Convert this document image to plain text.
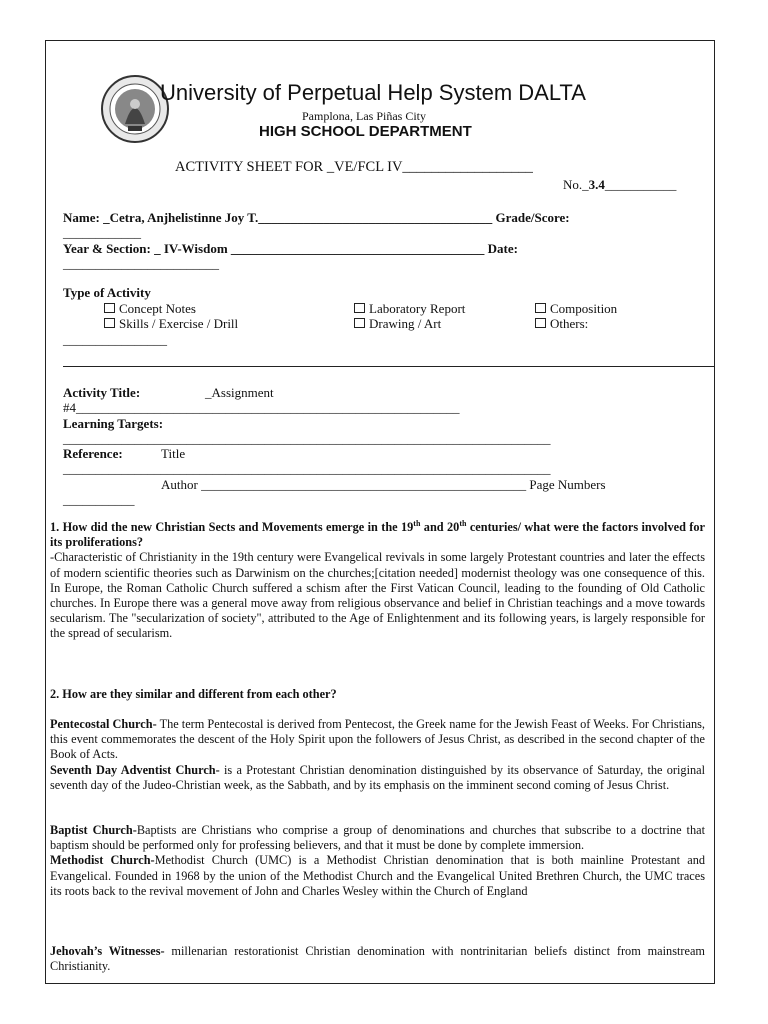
University of Perpetual Help System DALTA
Pamplona, Las Piñas City
HIGH SCHOOL DEPARTMENT
ACTIVITY SHEET FOR _VE/FCL IV__________________
No._3.4___________
Name: _Cetra, Anjhelistinne Joy T.____________________________________ Grade/Score:
____________
Year & Section: _ IV-Wisdom _______________________________________ Date:
________________________
Type of Activity
Concept Notes	Laboratory Report	Composition
Skills / Exercise / Drill	Drawing / Art	Others:
________________
Activity Title:	_Assignment
#4___________________________________________________________
Learning Targets:
___________________________________________________________________________
Reference:	Title
___________________________________________________________________________
Author __________________________________________________ Page Numbers
___________
1. How did the new Christian Sects and Movements emerge in the 19th and 20th centuries/ what were the factors involved for its proliferations?
-Characteristic of Christianity in the 19th century were Evangelical revivals in some largely Protestant countries and later the effects of modern scientific theories such as Darwinism on the churches;[citation needed] modernist theology was one consequence of this. In Europe, the Roman Catholic Church suffered a schism after the First Vatican Council, leading to the founding of Old Catholic churches. In Europe there was a general move away from religious observance and belief in Christian teachings and a move towards secularism. The "secularization of society", attributed to the Age of Enlightenment and its following years, is largely responsible for the spread of secularism.
2. How are they similar and different from each other?
Pentecostal Church- The term Pentecostal is derived from Pentecost, the Greek name for the Jewish Feast of Weeks. For Christians, this event commemorates the descent of the Holy Spirit upon the followers of Jesus Christ, as described in the second chapter of the Book of Acts.
Seventh Day Adventist Church- is a Protestant Christian denomination distinguished by its observance of Saturday, the original seventh day of the Judeo-Christian week, as the Sabbath, and by its emphasis on the imminent second coming of Jesus Christ.
Baptist Church-Baptists are Christians who comprise a group of denominations and churches that subscribe to a doctrine that baptism should be performed only for professing believers, and that it must be done by complete immersion.
Methodist Church-Methodist Church (UMC) is a Methodist Christian denomination that is both mainline Protestant and Evangelical. Founded in 1968 by the union of the Methodist Church and the Evangelical United Brethren Church, the UMC traces its roots back to the revival movement of John and Charles Wesley within the Church of England
Jehovah’s Witnesses- millenarian restorationist Christian denomination with nontrinitarian beliefs distinct from mainstream Christianity.
